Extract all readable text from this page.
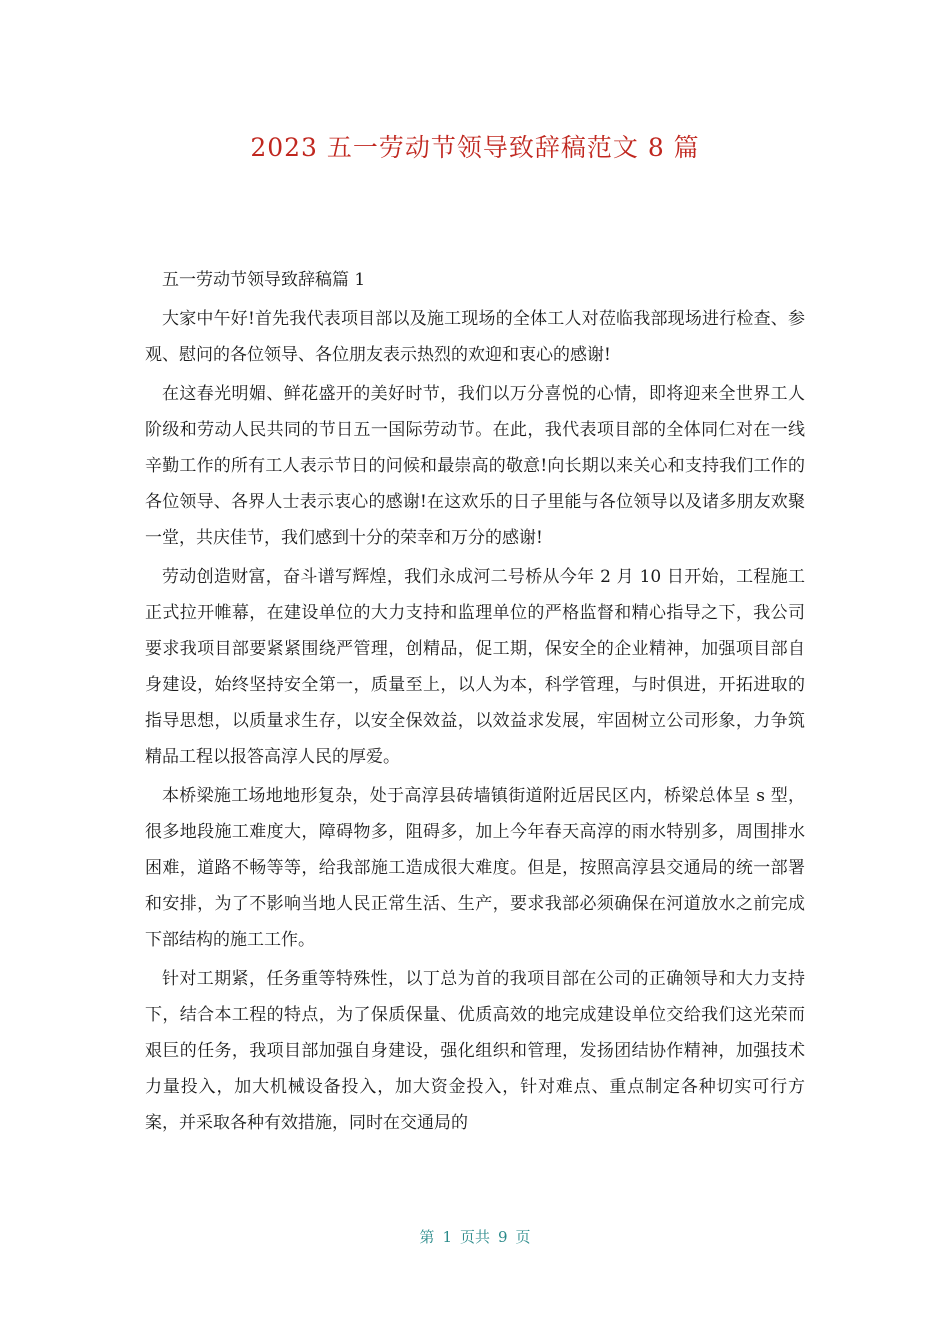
2023 五一劳动节领导致辞稿范文 8 篇

五一劳动节领导致辞稿篇 1

大家中午好!首先我代表项目部以及施工现场的全体工人对莅临我部现场进行检查、参观、慰问的各位领导、各位朋友表示热烈的欢迎和衷心的感谢!

在这春光明媚、鲜花盛开的美好时节，我们以万分喜悦的心情，即将迎来全世界工人阶级和劳动人民共同的节日五一国际劳动节。在此，我代表项目部的全体同仁对在一线辛勤工作的所有工人表示节日的问候和最崇高的敬意!向长期以来关心和支持我们工作的各位领导、各界人士表示衷心的感谢!在这欢乐的日子里能与各位领导以及诸多朋友欢聚一堂，共庆佳节，我们感到十分的荣幸和万分的感谢!

劳动创造财富，奋斗谱写辉煌，我们永成河二号桥从今年 2 月 10 日开始，工程施工正式拉开帷幕，在建设单位的大力支持和监理单位的严格监督和精心指导之下，我公司要求我项目部要紧紧围绕严管理，创精品，促工期，保安全的企业精神，加强项目部自身建设，始终坚持安全第一，质量至上，以人为本，科学管理，与时俱进，开拓进取的指导思想，以质量求生存，以安全保效益，以效益求发展，牢固树立公司形象，力争筑精品工程以报答高淳人民的厚爱。

本桥梁施工场地地形复杂，处于高淳县砖墙镇街道附近居民区内，桥梁总体呈 s 型，很多地段施工难度大，障碍物多，阻碍多，加上今年春天高淳的雨水特别多，周围排水困难，道路不畅等等，给我部施工造成很大难度。但是，按照高淳县交通局的统一部署和安排，为了不影响当地人民正常生活、生产，要求我部必须确保在河道放水之前完成下部结构的施工工作。

针对工期紧，任务重等特殊性，以丁总为首的我项目部在公司的正确领导和大力支持下，结合本工程的特点，为了保质保量、优质高效的地完成建设单位交给我们这光荣而艰巨的任务，我项目部加强自身建设，强化组织和管理，发扬团结协作精神，加强技术力量投入，加大机械设备投入，加大资金投入，针对难点、重点制定各种切实可行方案，并采取各种有效措施，同时在交通局的

第 1 页共 9 页
